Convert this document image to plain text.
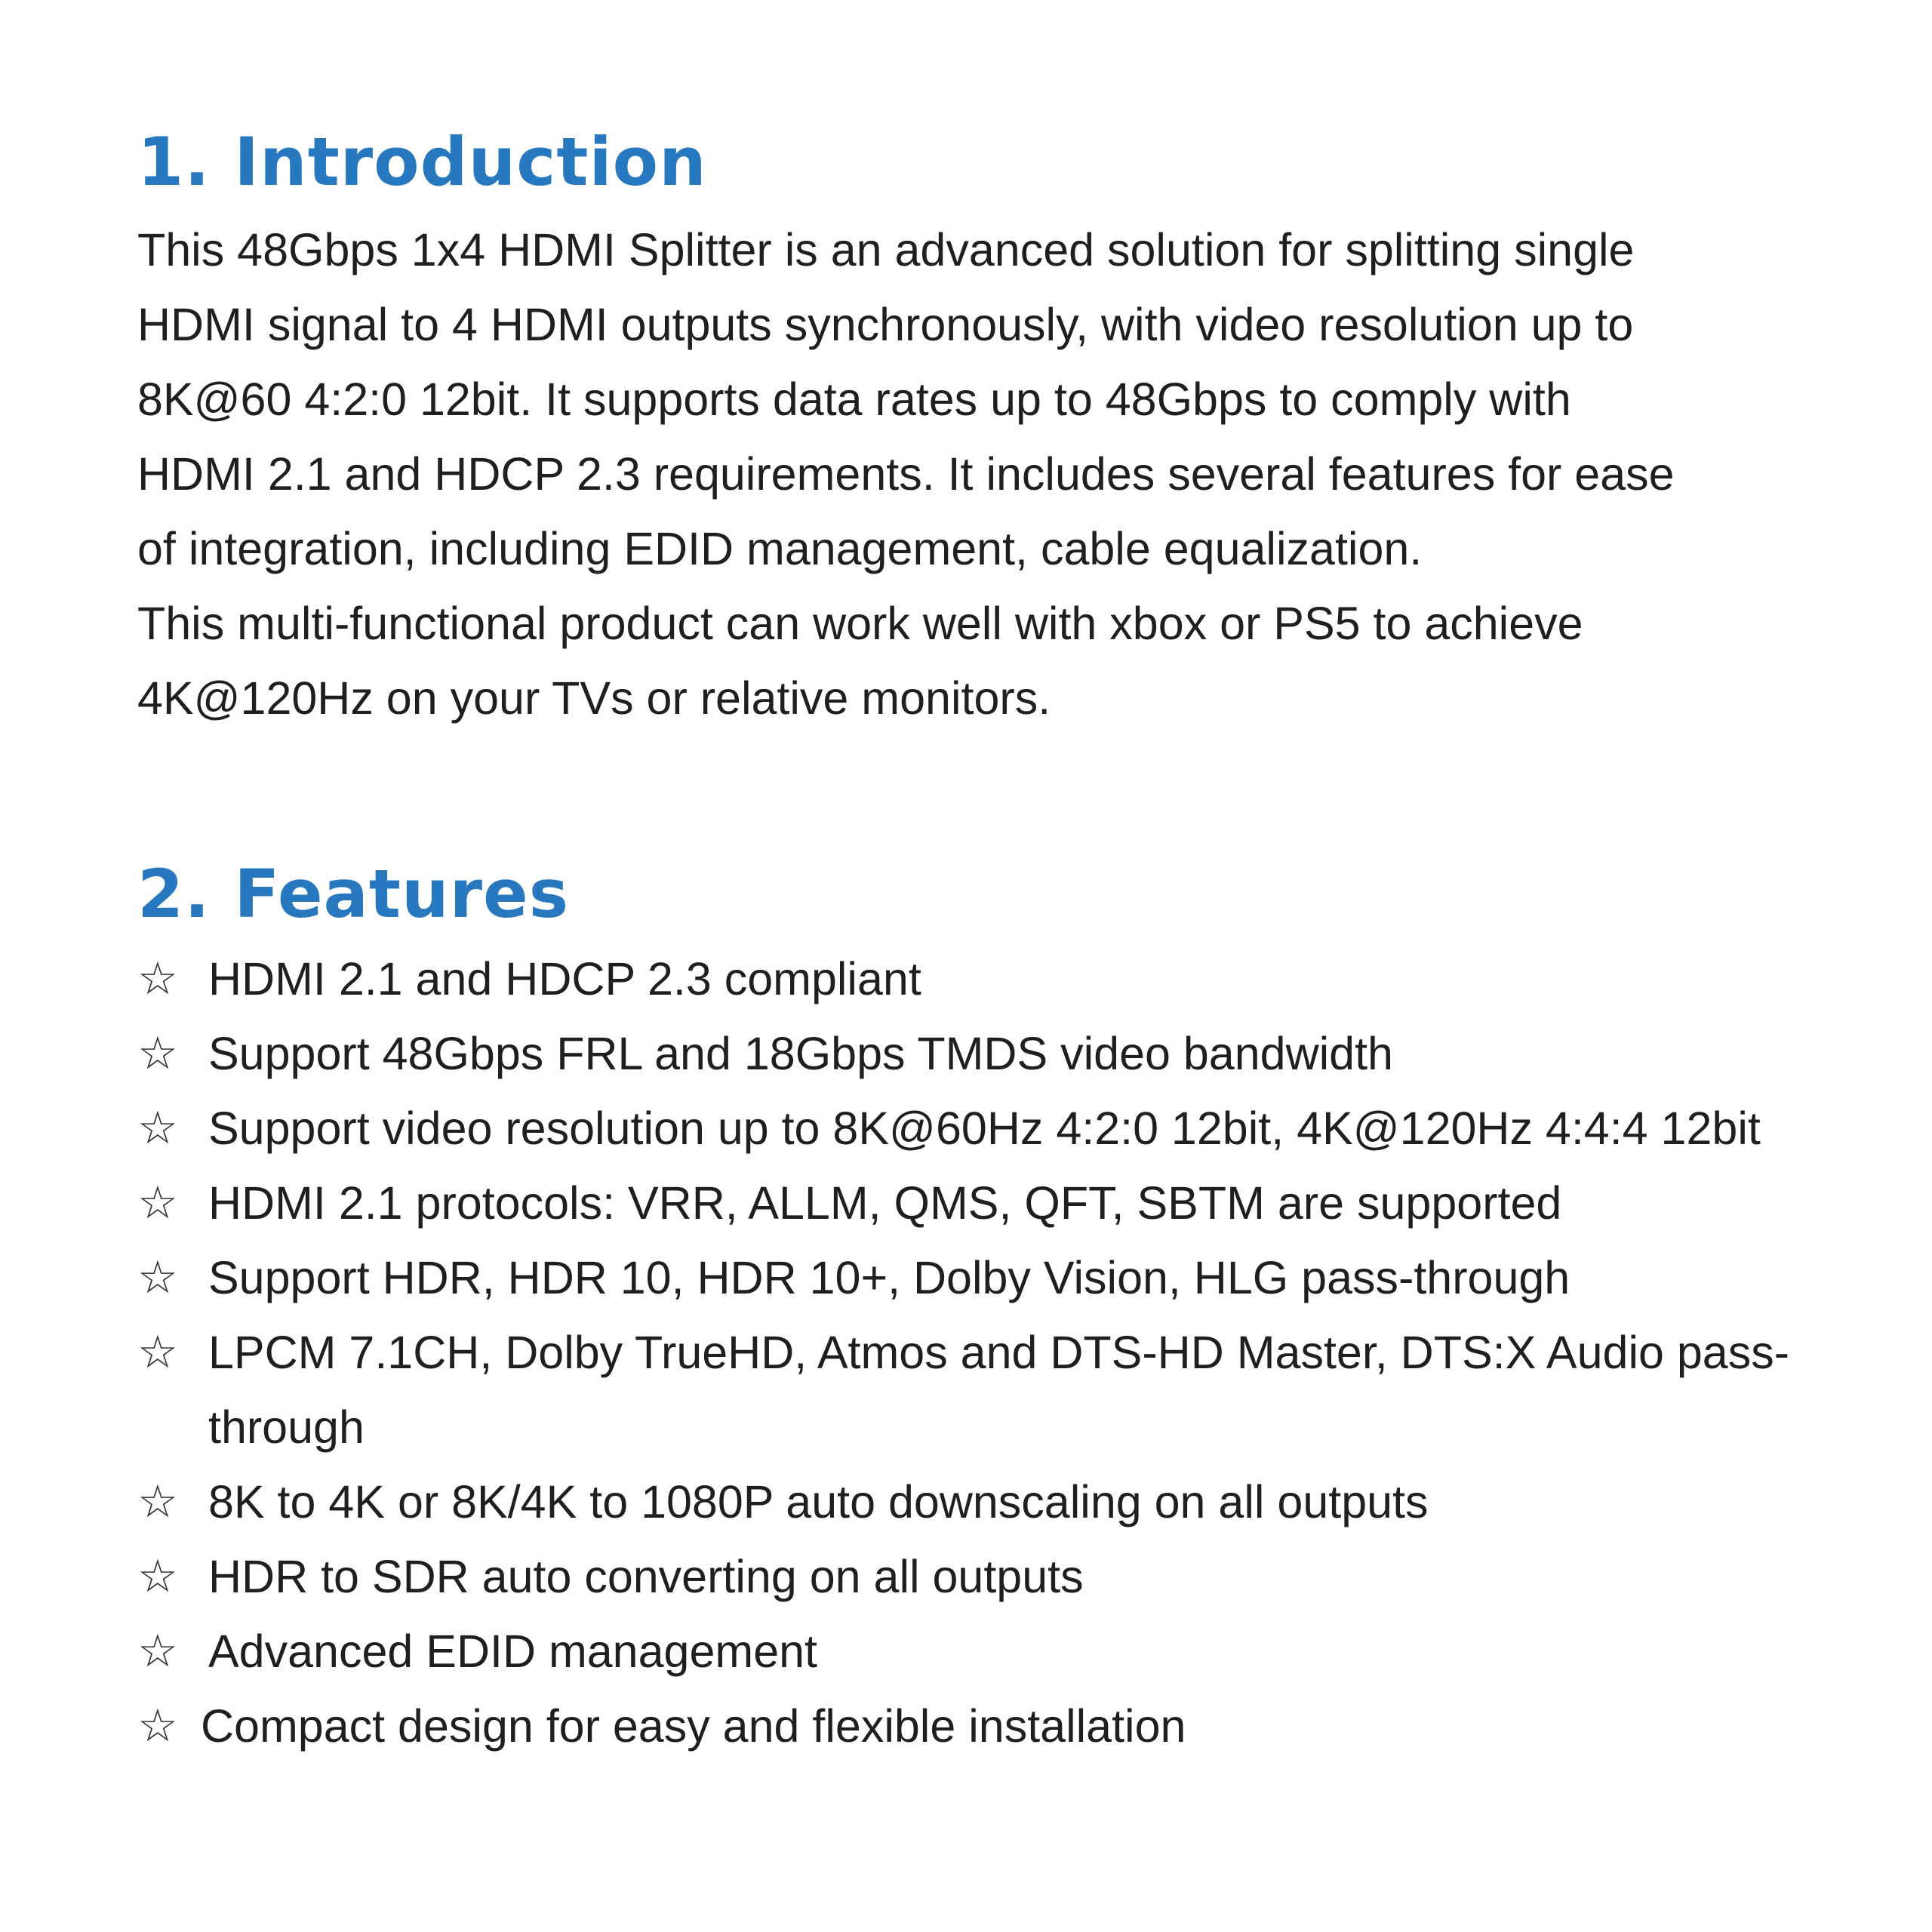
1. Introduction

This 48Gbps 1x4 HDMI Splitter is an advanced solution for splitting single

HDMI signal to 4 HDMI outputs synchronously, with video resolution up to

8K@60 4:2:0 12bit. It supports data rates up to 48Gbps to comply with

HDMI 2.1 and HDCP 2.3 requirements. It includes several features for ease

of integration, including EDID management, cable equalization.

This multi-functional product can work well with xbox or PS5 to achieve

4K@120Hz on your TVs or relative monitors.

2. Features
☆ HDMI 2.1 and HDCP 2.3 compliant
☆ Support 48Gbps FRL and 18Gbps TMDS video bandwidth
☆ Support video resolution up to 8K@60Hz 4:2:0 12bit, 4K@120Hz 4:4:4 12bit
☆ HDMI 2.1 protocols: VRR, ALLM, QMS, QFT, SBTM are supported
☆ Support HDR, HDR 10, HDR 10+, Dolby Vision, HLG pass-through
☆ LPCM 7.1CH, Dolby TrueHD, Atmos and DTS-HD Master, DTS:X Audio pass-through
☆ 8K to 4K or 8K/4K to 1080P auto downscaling on all outputs
☆ HDR to SDR auto converting on all outputs
☆ Advanced EDID management
☆ Compact design for easy and flexible installation
